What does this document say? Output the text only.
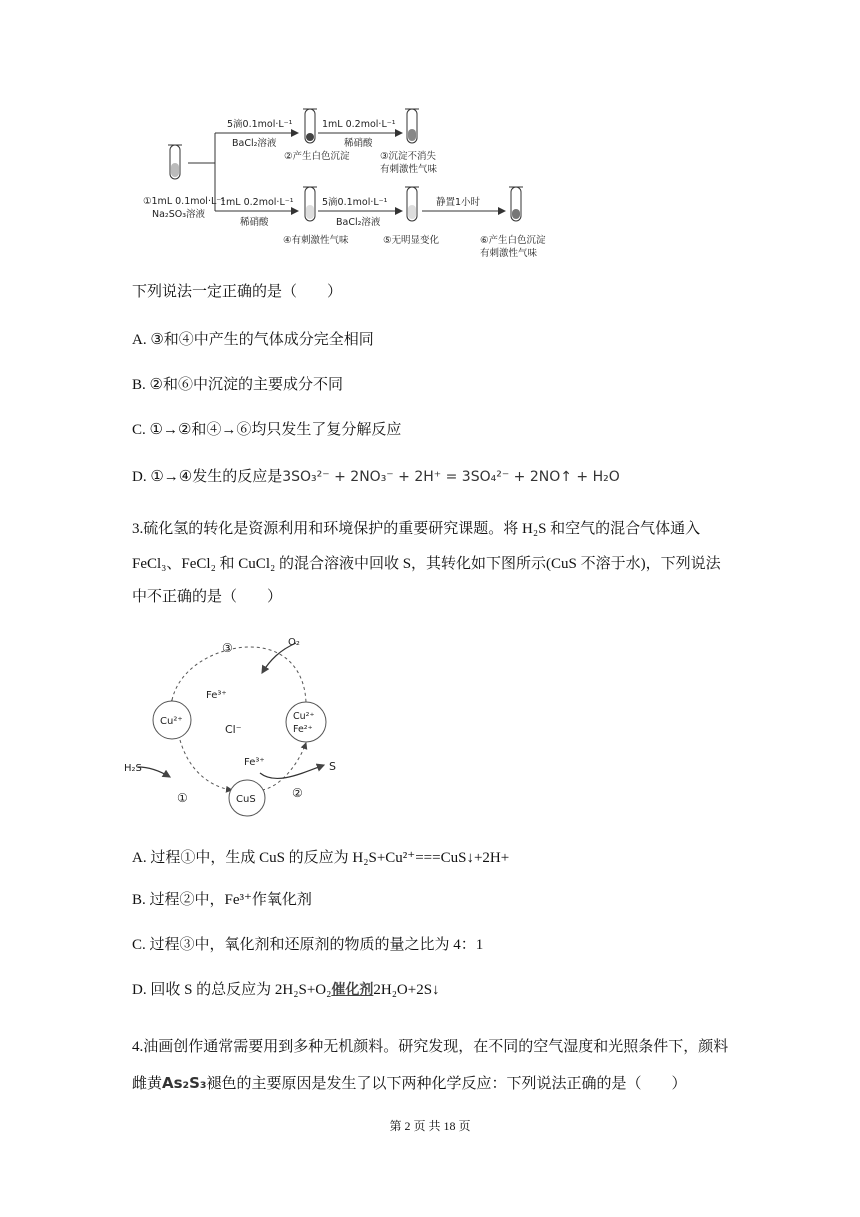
①1mL 0.1mol·L⁻¹
Na₂SO₃溶液
5滴0.1mol·L⁻¹
BaCl₂溶液
②产生白色沉淀
1mL 0.2mol·L⁻¹
稀硝酸
③沉淀不消失
有刺激性气味
1mL 0.2mol·L⁻¹
稀硝酸
④有刺激性气味
5滴0.1mol·L⁻¹
BaCl₂溶液
⑤无明显变化
静置1小时
⑥产生白色沉淀
有刺激性气味
下列说法一定正确的是（　　）
A. ③和④中产生的气体成分完全相同
B. ②和⑥中沉淀的主要成分不同
C. ①→②和④→⑥均只发生了复分解反应
D. ①→④发生的反应是3SO₃²⁻ + 2NO₃⁻ + 2H⁺ = 3SO₄²⁻ + 2NO↑ + H₂O
3.硫化氢的转化是资源利用和环境保护的重要研究课题。将 H₂S 和空气的混合气体通入
FeCl₃、FeCl₂ 和 CuCl₂ 的混合溶液中回收 S，其转化如下图所示(CuS 不溶于水)，下列说法
中不正确的是（　　）
O₂
③
Fe³⁺
Cu²⁺
Cl⁻
Cu²⁺
Fe²⁺
H₂S
Fe³⁺	S
①	CuS	②
A. 过程①中，生成 CuS 的反应为 H₂S+Cu²⁺===CuS↓+2H+
B. 过程②中，Fe³⁺作氧化剂
C. 过程③中，氧化剂和还原剂的物质的量之比为 4：1
D. 回收 S 的总反应为 2H₂S+O₂催化剂2H₂O+2S↓
4.油画创作通常需要用到多种无机颜料。研究发现，在不同的空气湿度和光照条件下，颜料
雌黄As₂S₃褪色的主要原因是发生了以下两种化学反应：下列说法正确的是（　　）
第 2 页 共 18 页
